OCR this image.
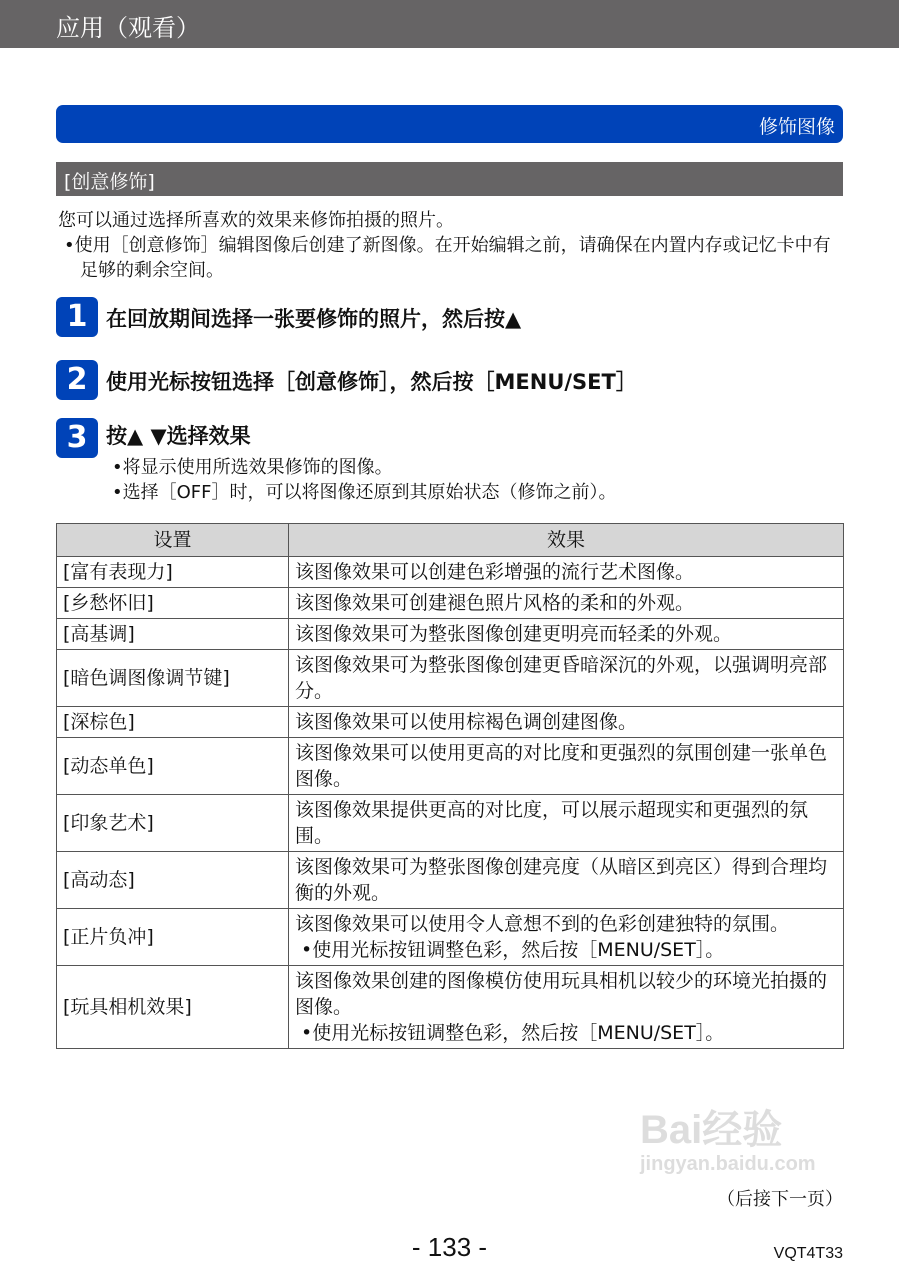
应用（观看）
修饰图像
[创意修饰]
您可以通过选择所喜欢的效果来修饰拍摄的照片。
•使用［创意修饰］编辑图像后创建了新图像。在开始编辑之前，请确保在内置内存或记忆卡中有足够的剩余空间。
1 在回放期间选择一张要修饰的照片，然后按▲
2 使用光标按钮选择［创意修饰］，然后按［MENU/SET］
3 按▲ ▼选择效果
•将显示使用所选效果修饰的图像。
•选择［OFF］时，可以将图像还原到其原始状态（修饰之前）。
设置	效果
[富有表现力]	该图像效果可以创建色彩增强的流行艺术图像。

[乡愁怀旧]	该图像效果可创建褪色照片风格的柔和的外观。

[高基调]	该图像效果可为整张图像创建更明亮而轻柔的外观。

[暗色调图像调节键]	该图像效果可为整张图像创建更昏暗深沉的外观，以强调明亮部分。

[深棕色]	该图像效果可以使用棕褐色调创建图像。

[动态单色]	该图像效果可以使用更高的对比度和更强烈的氛围创建一张单色图像。

[印象艺术]	该图像效果提供更高的对比度，可以展示超现实和更强烈的氛围。

[高动态]	该图像效果可为整张图像创建亮度（从暗区到亮区）得到合理均衡的外观。

[正片负冲]	该图像效果可以使用令人意想不到的色彩创建独特的氛围。
•使用光标按钮调整色彩，然后按［MENU/SET］。

[玩具相机效果]	该图像效果创建的图像模仿使用玩具相机以较少的环境光拍摄的图像。
•使用光标按钮调整色彩，然后按［MENU/SET］。
Bai经验
jingyan.baidu.com
（后接下一页）
- 133 -	VQT4T33
